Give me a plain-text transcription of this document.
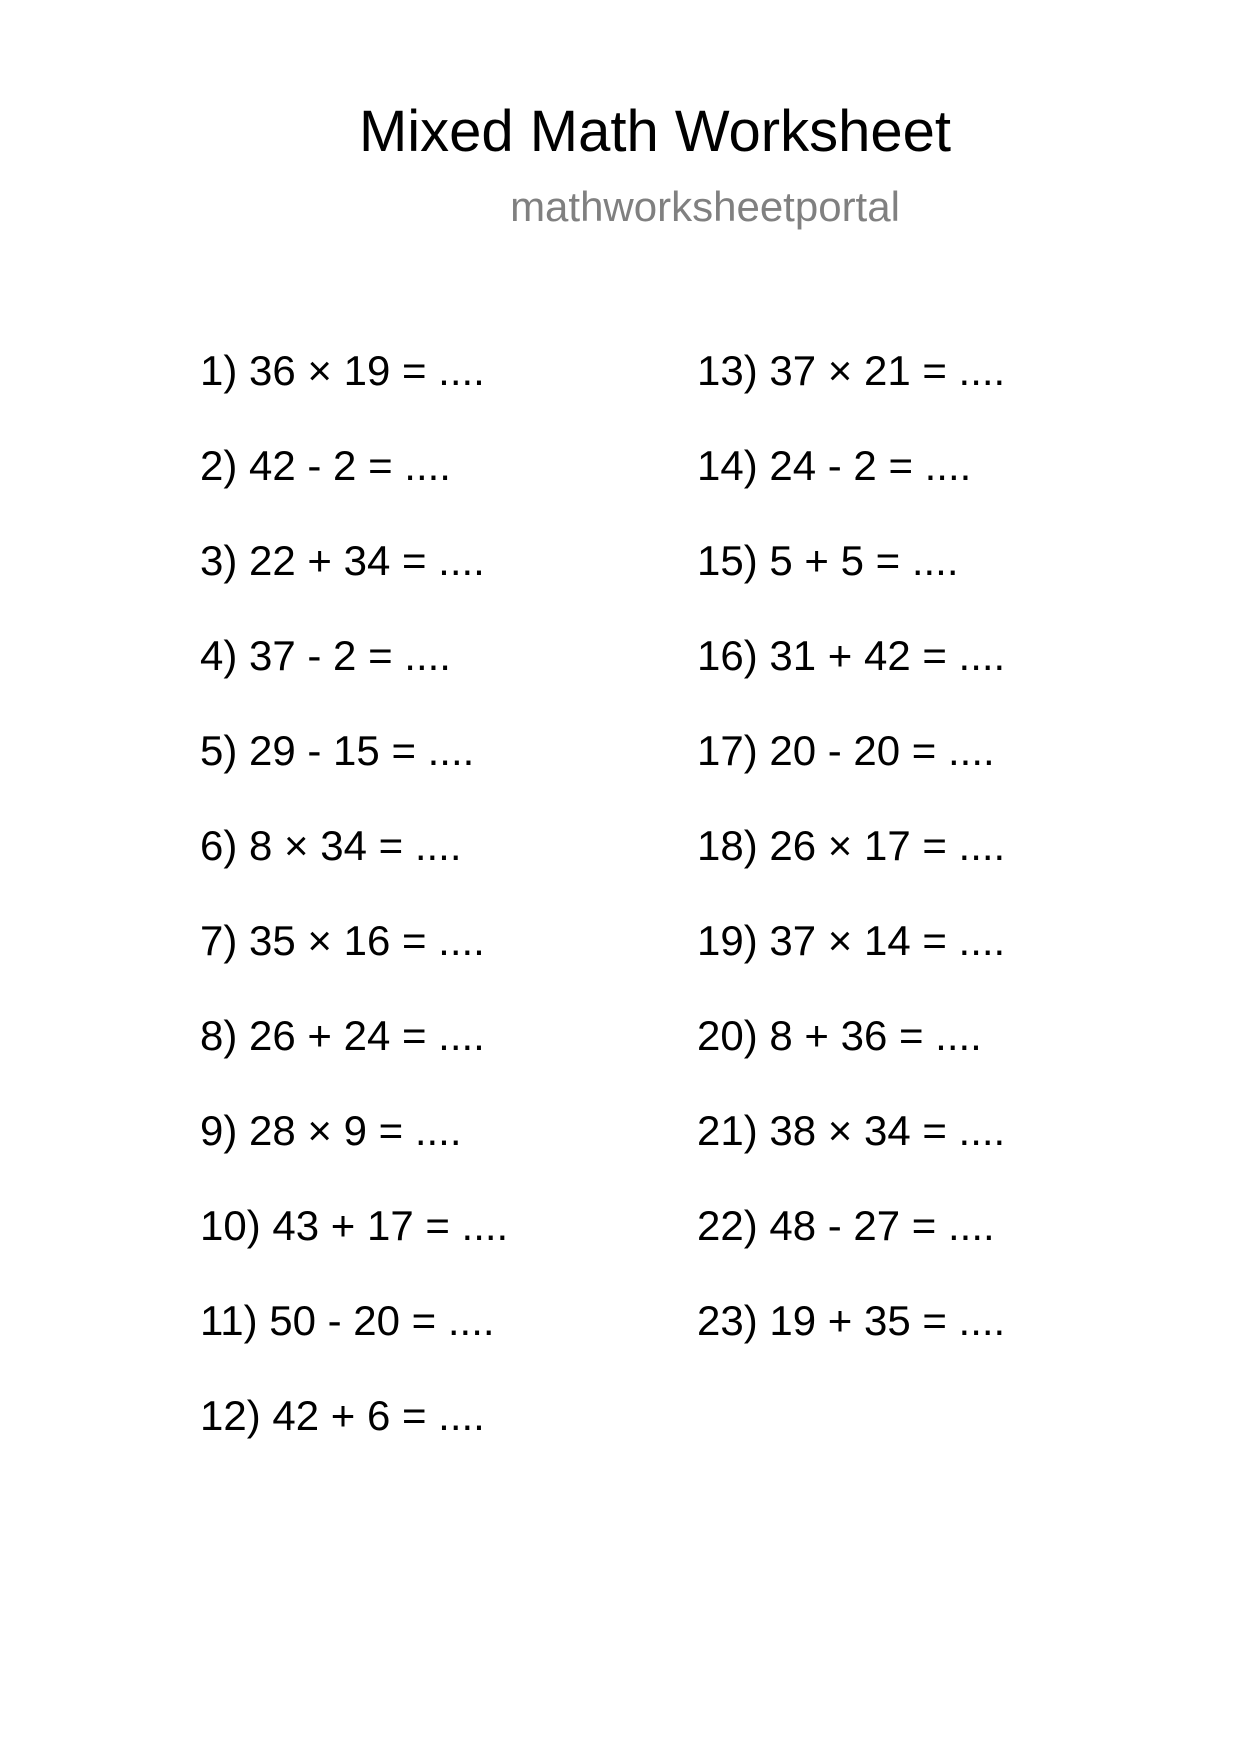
Mixed Math Worksheet
mathworksheetportal
1) 36 × 19 = ....
2) 42 - 2 = ....
3) 22 + 34 = ....
4) 37 - 2 = ....
5) 29 - 15 = ....
6) 8 × 34 = ....
7) 35 × 16 = ....
8) 26 + 24 = ....
9) 28 × 9 = ....
10) 43 + 17 = ....
11) 50 - 20 = ....
12) 42 + 6 = ....
13) 37 × 21 = ....
14) 24 - 2 = ....
15) 5 + 5 = ....
16) 31 + 42 = ....
17) 20 - 20 = ....
18) 26 × 17 = ....
19) 37 × 14 = ....
20) 8 + 36 = ....
21) 38 × 34 = ....
22) 48 - 27 = ....
23) 19 + 35 = ....
